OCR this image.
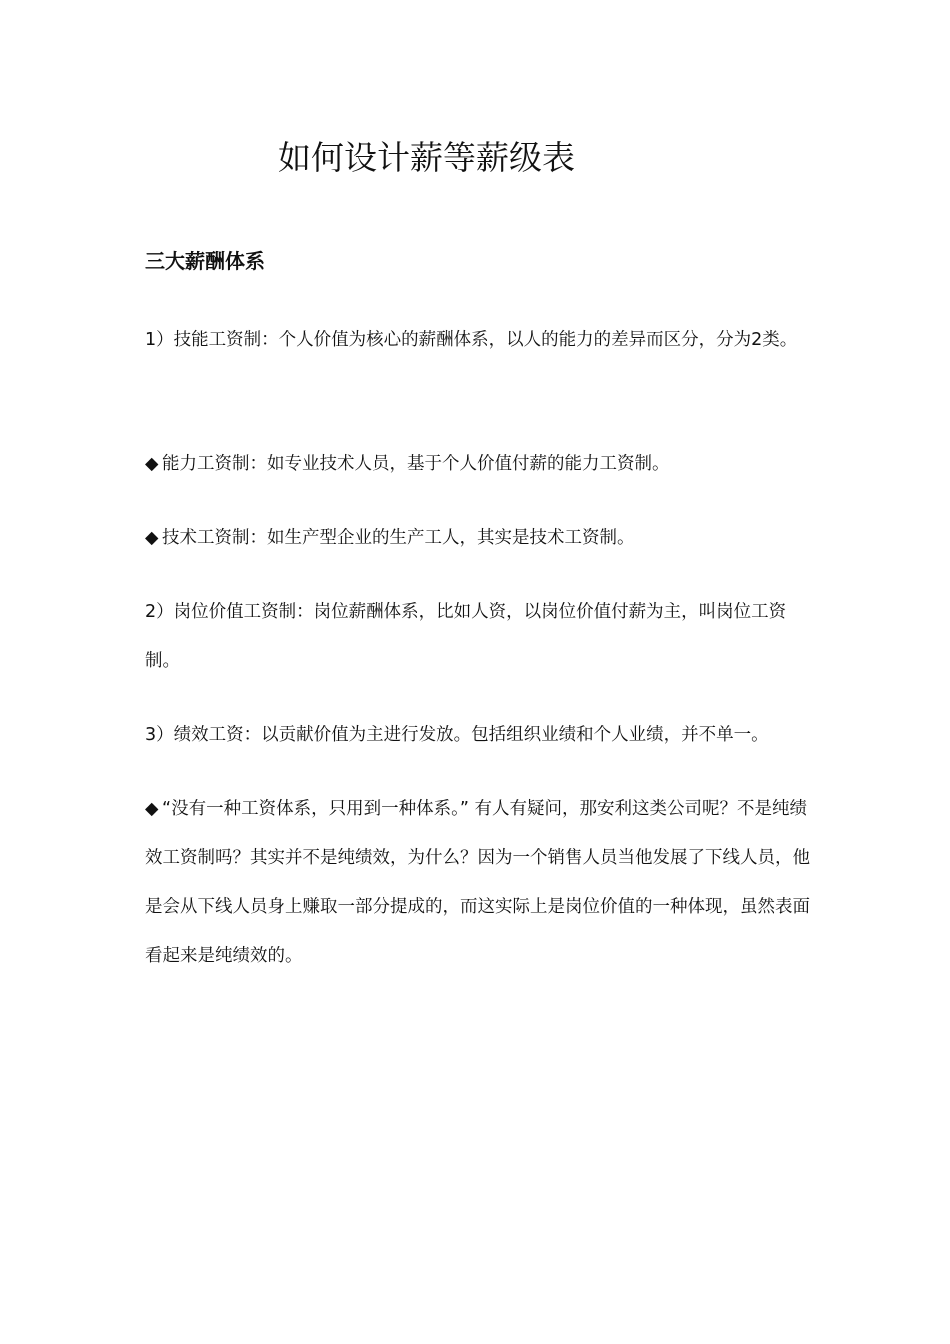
如何设计薪等薪级表
三大薪酬体系
1）技能工资制：个人价值为核心的薪酬体系，以人的能力的差异而区分，分为2类。
◆ 能力工资制：如专业技术人员，基于个人价值付薪的能力工资制。
◆ 技术工资制：如生产型企业的生产工人，其实是技术工资制。
2）岗位价值工资制：岗位薪酬体系，比如人资，以岗位价值付薪为主，叫岗位工资制。
3）绩效工资：以贡献价值为主进行发放。包括组织业绩和个人业绩，并不单一。
◆ “没有一种工资体系，只用到一种体系。” 有人有疑问，那安利这类公司呢？不是纯绩效工资制吗？其实并不是纯绩效，为什么？因为一个销售人员当他发展了下线人员，他是会从下线人员身上赚取一部分提成的，而这实际上是岗位价值的一种体现，虽然表面看起来是纯绩效的。
